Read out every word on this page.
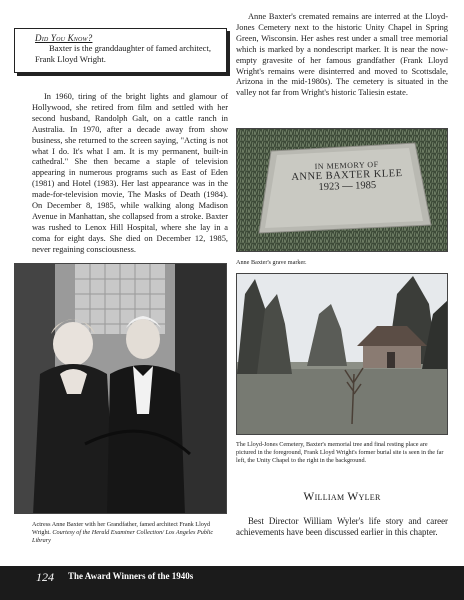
Did You Know?
Baxter is the granddaughter of famed architect, Frank Lloyd Wright.

In 1960, tiring of the bright lights and glamour of Hollywood, she retired from film and settled with her second husband, Randolph Galt, on a cattle ranch in Australia. In 1970, after a decade away from show business, she returned to the screen saying, "Acting is not what I do. It's what I am. It is my permanent, built-in cathedral." She then became a staple of television appearing in numerous programs such as East of Eden (1981) and Hotel (1983). Her last appearance was in the made-for-television movie, The Masks of Death (1984). On December 8, 1985, while walking along Madison Avenue in Manhattan, she collapsed from a stroke. Baxter was rushed to Lenox Hill Hospital, where she lay in a coma for eight days. She died on December 12, 1985, never regaining consciousness.

Anne Baxter's cremated remains are interred at the Lloyd-Jones Cemetery next to the historic Unity Chapel in Spring Green, Wisconsin. Her ashes rest under a small tree memorial which is marked by a nondescript marker. It is near the now-empty gravesite of her famous grandfather (Frank Lloyd Wright's remains were disinterred and moved to Scottsdale, Arizona in the mid-1980s). The cemetery is situated in the valley not far from Wright's historic Taliesin estate.

IN MEMORY OF
ANNE BAXTER KLEE
1923 — 1985
Anne Baxter's grave marker.
The Lloyd-Jones Cemetery, Baxter's memorial tree and final resting place are pictured in the foreground, Frank Lloyd Wright's former burial site is seen in the far left, the Unity Chapel to the right in the background.
Actress Anne Baxter with her Grandfather, famed architect Frank Lloyd Wright. Courtesy of the Herald Examiner Collection/ Los Angeles Public Library
William Wyler

Best Director William Wyler's life story and career achievements have been discussed earlier in this chapter.

124 The Award Winners of the 1940s
